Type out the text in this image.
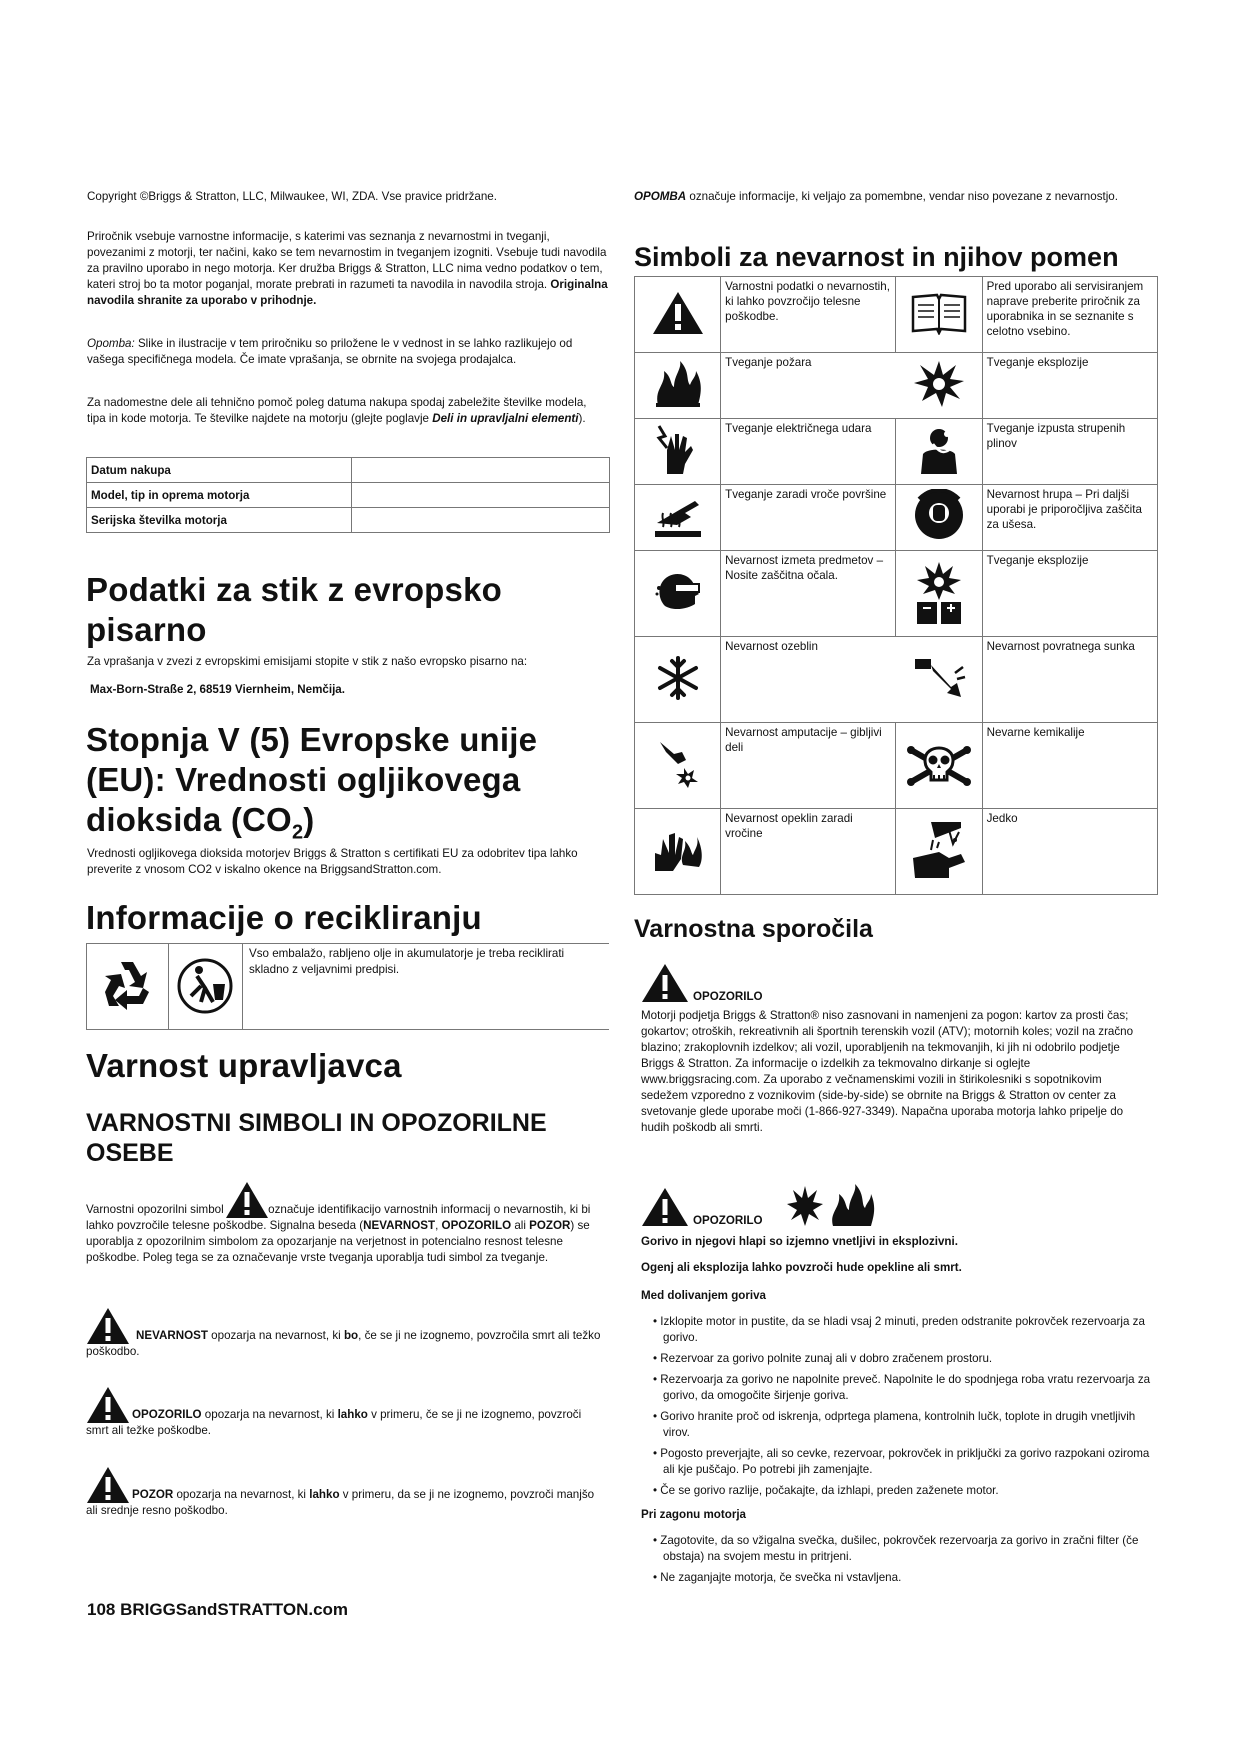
Copyright ©Briggs & Stratton, LLC, Milwaukee, WI, ZDA. Vse pravice pridržane.

Priročnik vsebuje varnostne informacije, s katerimi vas seznanja z nevarnostmi in tveganji, povezanimi z motorji, ter načini, kako se tem nevarnostim in tveganjem izogniti. Vsebuje tudi navodila za pravilno uporabo in nego motorja. Ker družba Briggs & Stratton, LLC nima vedno podatkov o tem, kateri stroj bo ta motor poganjal, morate prebrati in razumeti ta navodila in navodila stroja. Originalna navodila shranite za uporabo v prihodnje.

Opomba: Slike in ilustracije v tem priročniku so priložene le v vednost in se lahko razlikujejo od vašega specifičnega modela. Če imate vprašanja, se obrnite na svojega prodajalca.

Za nadomestne dele ali tehnično pomoč poleg datuma nakupa spodaj zabeležite številke modela, tipa in kode motorja. Te številke najdete na motorju (glejte poglavje Deli in upravljalni elementi).

Datum nakupa	
Model, tip in oprema motorja	
Serijska številka motorja	
Podatki za stik z evropsko pisarno

Za vprašanja v zvezi z evropskimi emisijami stopite v stik z našo evropsko pisarno na:

Max-Born-Straße 2, 68519 Viernheim, Nemčija.

Stopnja V (5) Evropske unije (EU): Vrednosti ogljikovega dioksida $(CO_2)$

Vrednosti ogljikovega dioksida motorjev Briggs & Stratton s certifikati EU za odobritev tipa lahko preverite z vnosom CO2 v iskalno okence na BriggsandStratton.com.

Informacije o recikliranju

Vso embalažo, rabljeno olje in akumulatorje je treba reciklirati skladno z veljavnimi predpisi.

Varnost upravljavca
VARNOSTNI SIMBOLI IN OPOZORILNE OSEBE

Varnostni opozorilni simbol	označuje identifikacijo varnostnih informacij o nevarnostih, ki bi lahko povzročile telesne poškodbe. Signalna beseda (NEVARNOST, OPOZORILO ali POZOR) se uporablja z opozorilnim simbolom za opozarjanje na verjetnost in potencialno resnost telesne poškodbe. Poleg tega se za označevanje vrste tveganja uporablja tudi simbol za tveganje.

NEVARNOST opozarja na nevarnost, ki bo, če se ji ne izognemo, povzročila smrt ali težko poškodbo.

OPOZORILO opozarja na nevarnost, ki lahko v primeru, če se ji ne izognemo, povzroči smrt ali težke poškodbe.

POZOR opozarja na nevarnost, ki lahko v primeru, da se ji ne izognemo, povzroči manjšo ali srednje resno poškodbo.

108 BRIGGSandSTRATTON.com

OPOMBA označuje informacije, ki veljajo za pomembne, vendar niso povezane z nevarnostjo.

Simboli za nevarnost in njihov pomen
	Varnostni podatki o nevarnostih, ki lahko povzročijo telesne poškodbe.		Pred uporabo ali servisiranjem naprave preberite priročnik za uporabnika in se seznanite s celotno vsebino.
	Tveganje požara		Tveganje eksplozije
	Tveganje električnega udara		Tveganje izpusta strupenih plinov
	Tveganje zaradi vroče površine		Nevarnost hrupa – Pri daljši uporabi je priporočljiva zaščita za ušesa.
	Nevarnost izmeta predmetov – Nosite zaščitna očala.		Tveganje eksplozije
	Nevarnost ozeblin		Nevarnost povratnega sunka
	Nevarnost amputacije – gibljivi deli		Nevarne kemikalije
	Nevarnost opeklin zaradi vročine		Jedko
Varnostna sporočila
OPOZORILO

Motorji podjetja Briggs & Stratton® niso zasnovani in namenjeni za pogon: kartov za prosti čas; gokartov; otroških, rekreativnih ali športnih terenskih vozil (ATV); motornih koles; vozil na zračno blazino; zrakoplovnih izdelkov; ali vozil, uporabljenih na tekmovanjih, ki jih ni odobrilo podjetje Briggs & Stratton. Za informacije o izdelkih za tekmovalno dirkanje si oglejte www.briggsracing.com. Za uporabo z večnamenskimi vozili in štirikolesniki s sopotnikovim sedežem vzporedno z voznikovim (side-by-side) se obrnite na Briggs & Stratton ov center za svetovanje glede uporabe moči (1-866-927-3349). Napačna uporaba motorja lahko pripelje do hudih poškodb ali smrti.

OPOZORILO

Gorivo in njegovi hlapi so izjemno vnetljivi in eksplozivni.

Ogenj ali eksplozija lahko povzroči hude opekline ali smrt.

Med dolivanjem goriva

• Izklopite motor in pustite, da se hladi vsaj 2 minuti, preden odstranite pokrovček rezervoarja za gorivo.
• Rezervoar za gorivo polnite zunaj ali v dobro zračenem prostoru.
• Rezervoarja za gorivo ne napolnite preveč. Napolnite le do spodnjega roba vratu rezervoarja za gorivo, da omogočite širjenje goriva.
• Gorivo hranite proč od iskrenja, odprtega plamena, kontrolnih lučk, toplote in drugih vnetljivih virov.
• Pogosto preverjajte, ali so cevke, rezervoar, pokrovček in priključki za gorivo razpokani oziroma ali kje puščajo. Po potrebi jih zamenjajte.
• Če se gorivo razlije, počakajte, da izhlapi, preden zaženete motor.

Pri zagonu motorja

• Zagotovite, da so vžigalna svečka, dušilec, pokrovček rezervoarja za gorivo in zračni filter (če obstaja) na svojem mestu in pritrjeni.
• Ne zaganjajte motorja, če svečka ni vstavljena.
